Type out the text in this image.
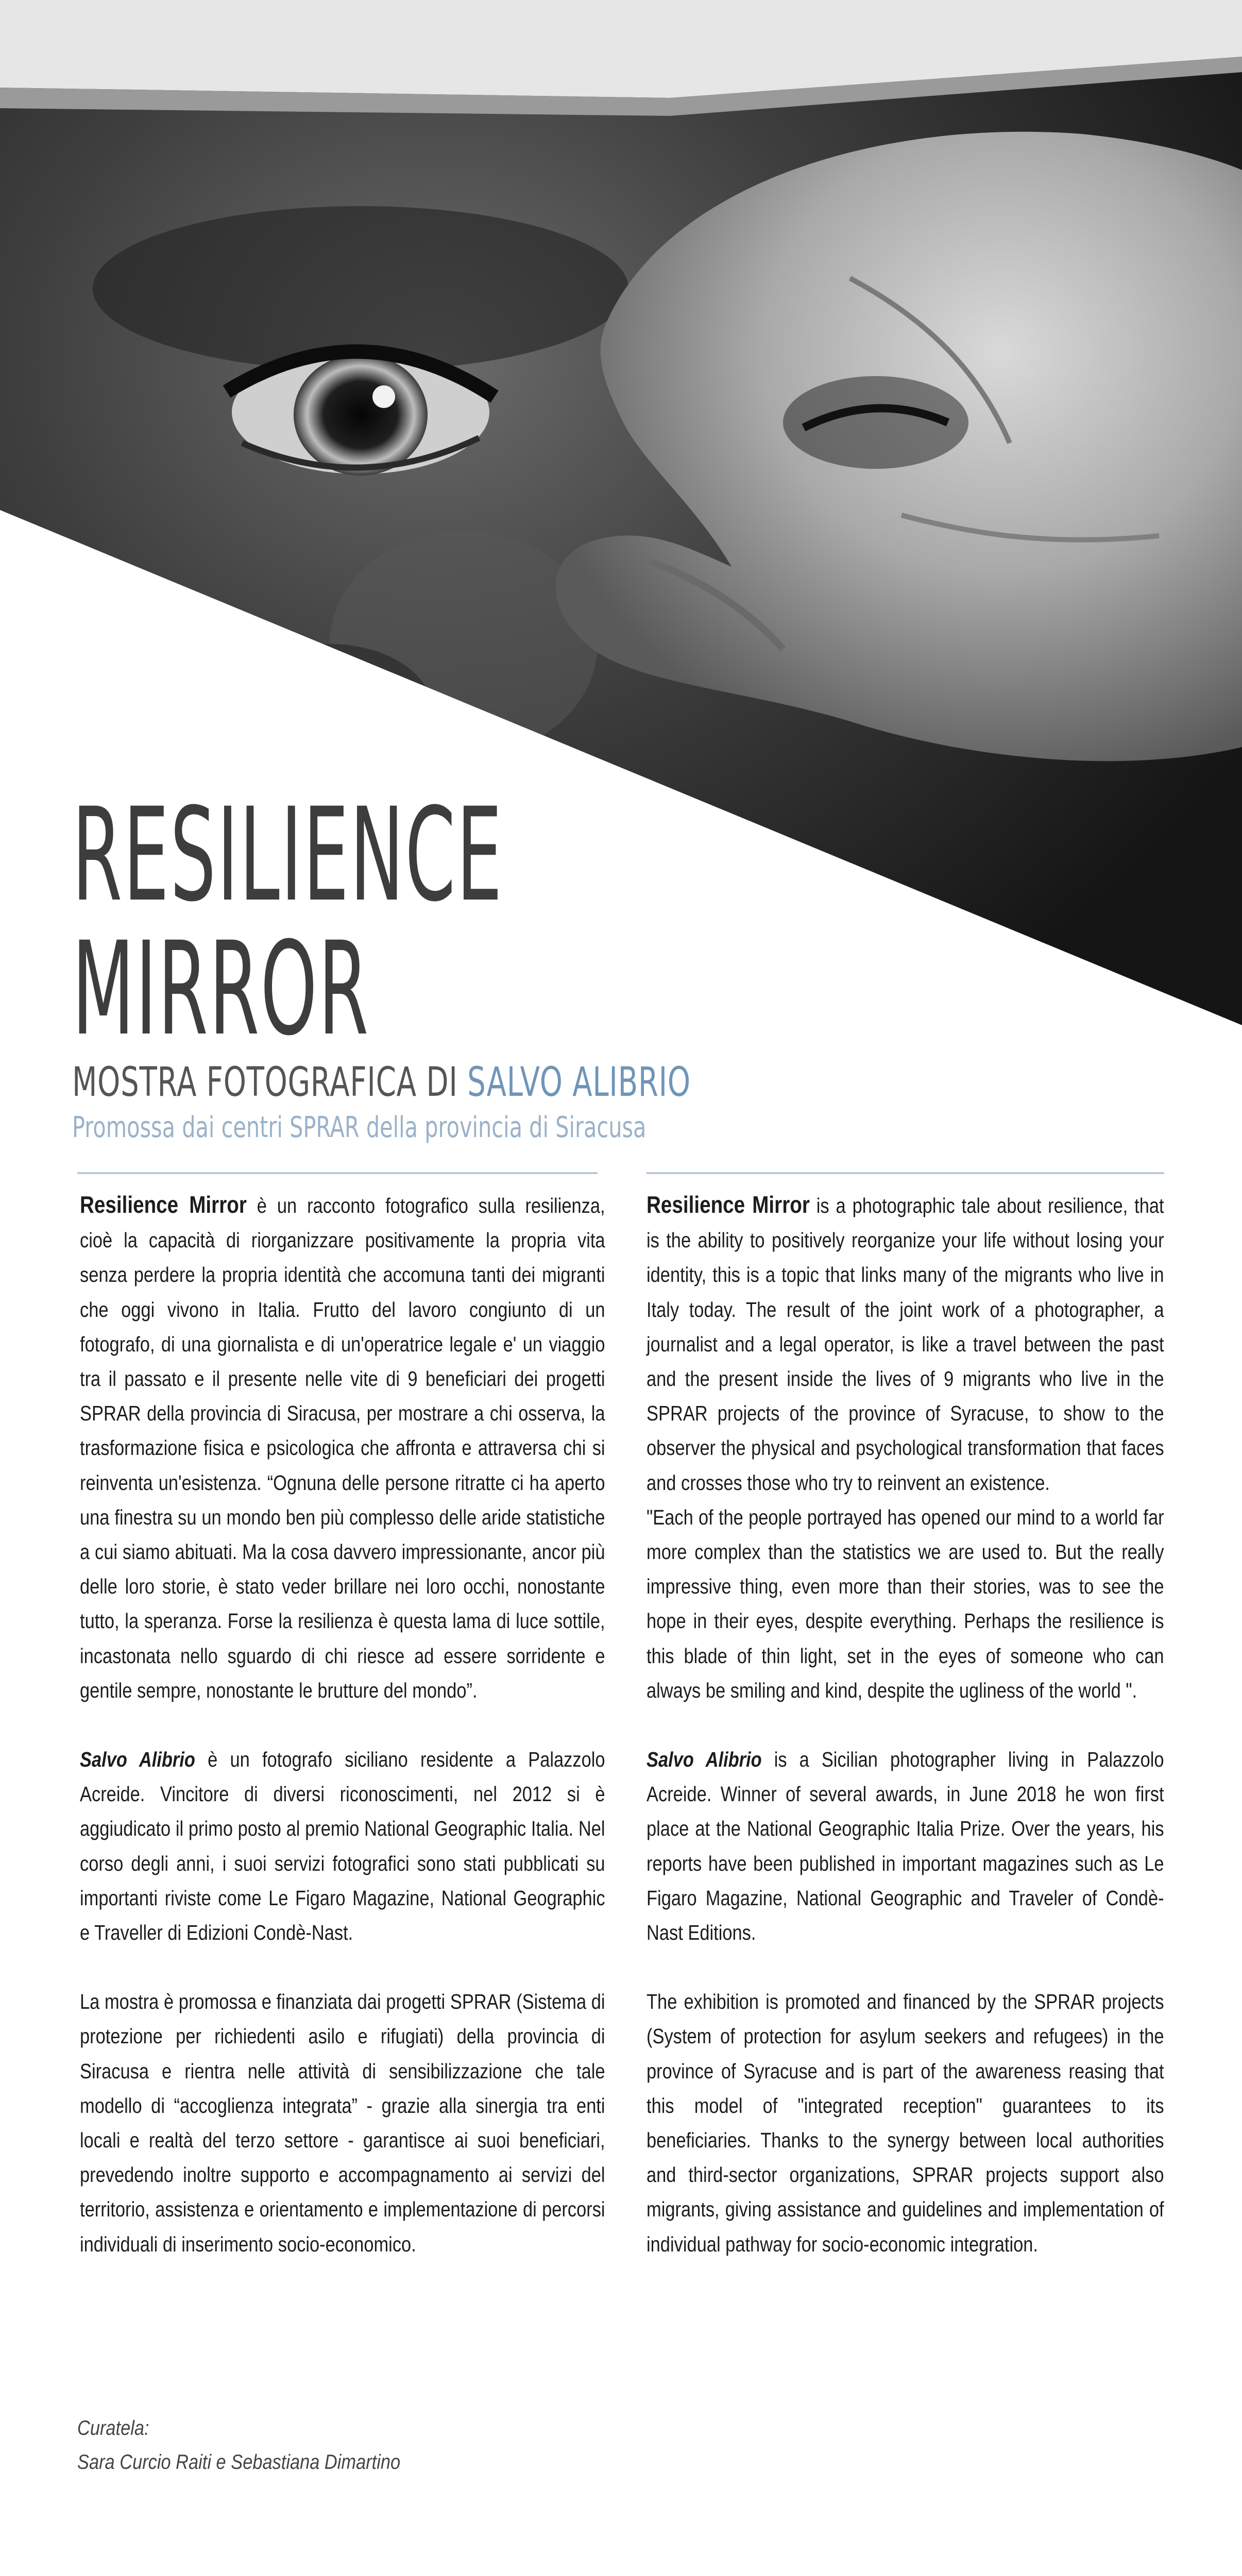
RESILIENCE
MIRROR
MOSTRA FOTOGRAFICA DI SALVO ALIBRIO
Promossa dai centri SPRAR della provincia di Siracusa

Resilience Mirror è un racconto fotografico sulla resilienza, cioè la capacità di riorganizzare positivamente la propria vita senza perdere la propria identità che accomuna tanti dei migranti che oggi vivono in Italia. Frutto del lavoro congiunto di un fotografo, di una giornalista e di un'operatrice legale e' un viaggio tra il passato e il presente nelle vite di 9 beneficiari dei progetti SPRAR della provincia di Siracusa, per mostrare a chi osserva, la trasformazione fisica e psicologica che affronta e attraversa chi si reinventa un'esistenza. “Ognuna delle persone ritratte ci ha aperto una finestra su un mondo ben più complesso delle aride statistiche a cui siamo abituati. Ma la cosa davvero impressionante, ancor più delle loro storie, è stato veder brillare nei loro occhi, nonostante tutto, la speranza. Forse la resilienza è questa lama di luce sottile, incastonata nello sguardo di chi riesce ad essere sorridente e gentile sempre, nonostante le brutture del mondo”.

Salvo Alibrio è un fotografo siciliano residente a Palazzolo Acreide. Vincitore di diversi riconoscimenti, nel 2012 si è aggiudicato il primo posto al premio National Geographic Italia. Nel corso degli anni, i suoi servizi fotografici sono stati pubblicati su importanti riviste come Le Figaro Magazine, National Geographic e Traveller di Edizioni Condè-Nast.

La mostra è promossa e finanziata dai progetti SPRAR (Sistema di protezione per richiedenti asilo e rifugiati) della provincia di Siracusa e rientra nelle attività di sensibilizzazione che tale modello di “accoglienza integrata” - grazie alla sinergia tra enti locali e realtà del terzo settore - garantisce ai suoi beneficiari, prevedendo inoltre supporto e accompagnamento ai servizi del territorio, assistenza e orientamento e implementazione di percorsi individuali di inserimento socio-economico.

Resilience Mirror is a photographic tale about resilience, that is the ability to positively reorganize your life without losing your identity, this is a topic that links many of the migrants who live in Italy today. The result of the joint work of a photographer, a journalist and a legal operator, is like a travel between the past and the present inside the lives of 9 migrants who live in the SPRAR projects of the province of Syracuse, to show to the observer the physical and psychological transformation that faces and crosses those who try to reinvent an existence.

"Each of the people portrayed has opened our mind to a world far more complex than the statistics we are used to. But the really impressive thing, even more than their stories, was to see the hope in their eyes, despite everything. Perhaps the resilience is this blade of thin light, set in the eyes of someone who can always be smiling and kind, despite the ugliness of the world ".

Salvo Alibrio is a Sicilian photographer living in Palazzolo Acreide. Winner of several awards, in June 2018 he won first place at the National Geographic Italia Prize. Over the years, his reports have been published in important magazines such as Le Figaro Magazine, National Geographic and Traveler of Condè-Nast Editions.

The exhibition is promoted and financed by the SPRAR projects (System of protection for asylum seekers and refugees) in the province of Syracuse and is part of the awareness reasing that this model of "integrated reception" guarantees to its beneficiaries. Thanks to the synergy between local authorities and third-sector organizations, SPRAR projects support also migrants, giving assistance and guidelines and implementation of individual pathway for socio-economic integration.

Curatela:
Sara Curcio Raiti e Sebastiana Dimartino
